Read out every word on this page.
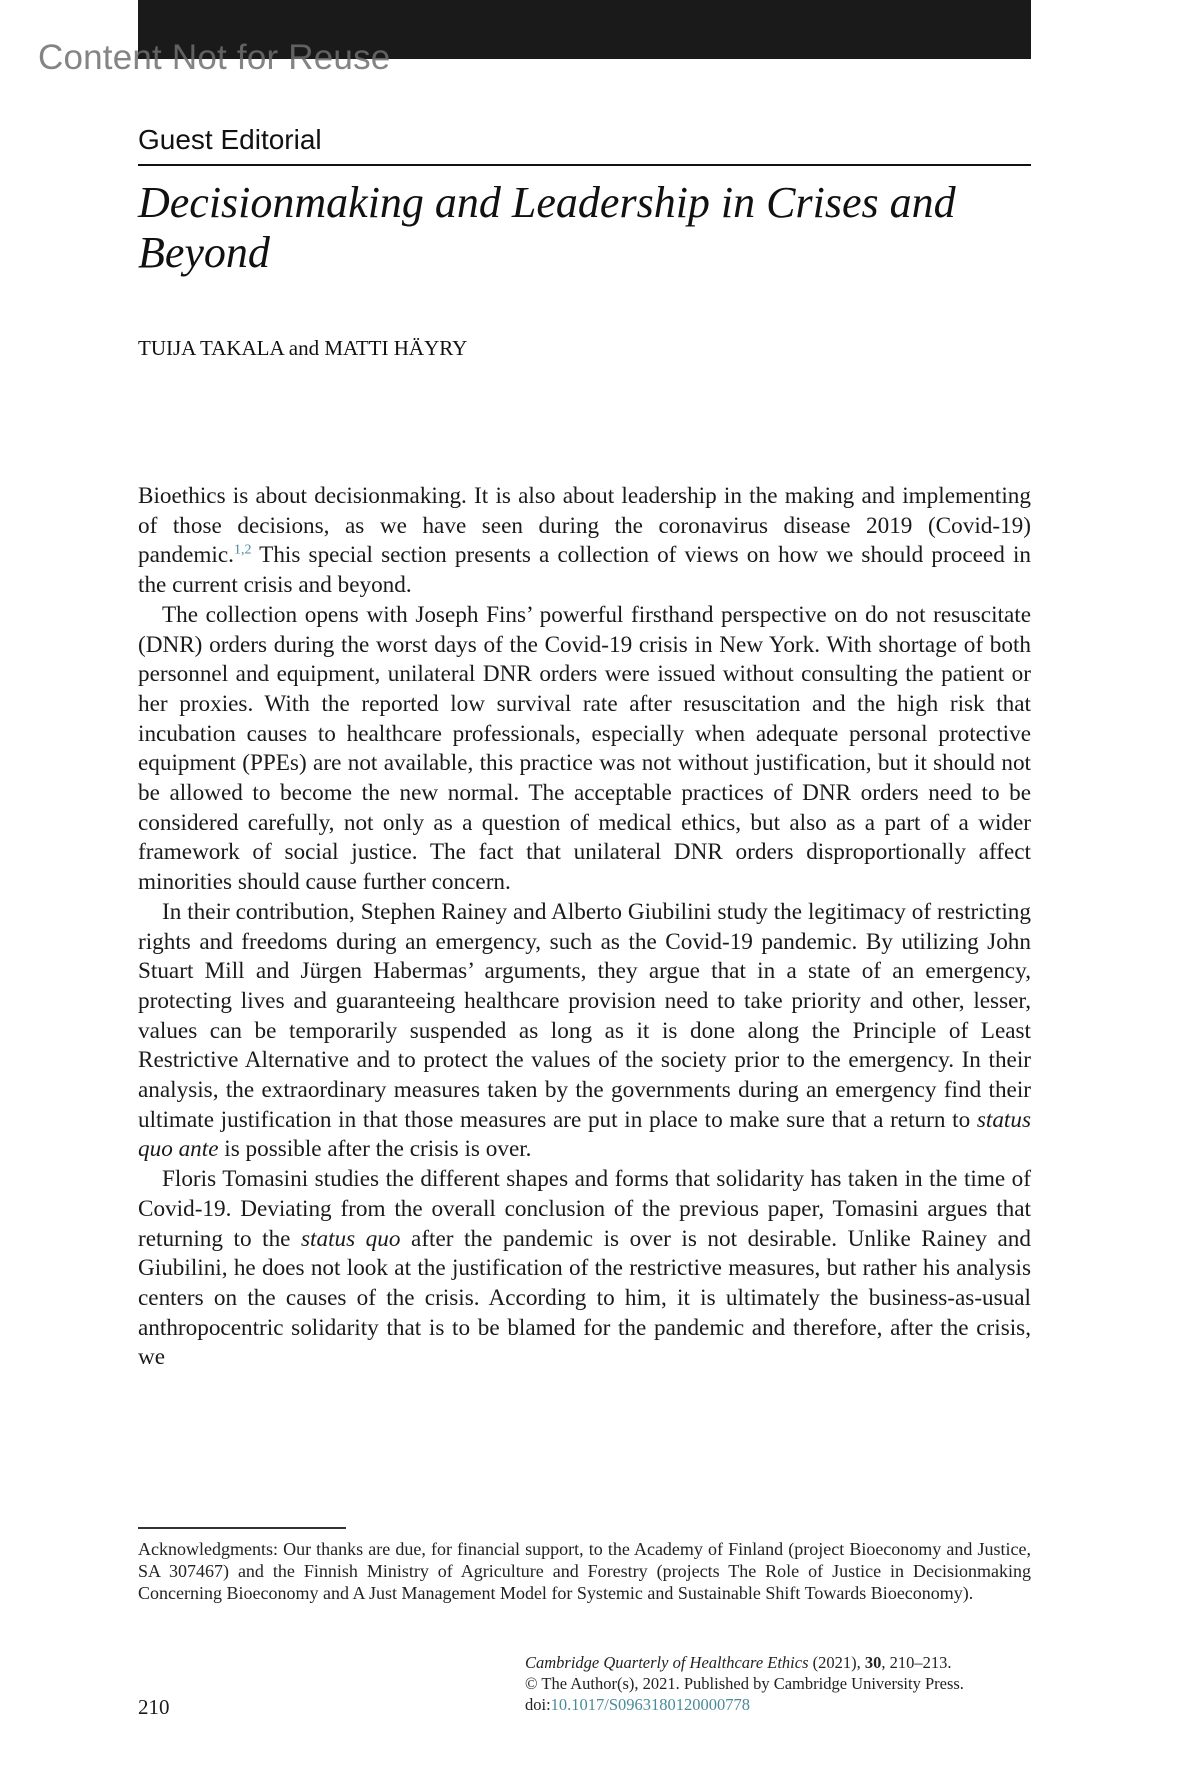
Content Not for Reuse
Guest Editorial
Decisionmaking and Leadership in Crises and Beyond
TUIJA TAKALA and MATTI HÄYRY

Bioethics is about decisionmaking. It is also about leadership in the making and implementing of those decisions, as we have seen during the coronavirus disease 2019 (Covid-19) pandemic.$^{1,2}$ This special section presents a collection of views on how we should proceed in the current crisis and beyond.

The collection opens with Joseph Fins’ powerful firsthand perspective on do not resuscitate (DNR) orders during the worst days of the Covid-19 crisis in New York. With shortage of both personnel and equipment, unilateral DNR orders were issued without consulting the patient or her proxies. With the reported low survival rate after resuscitation and the high risk that incubation causes to healthcare professionals, especially when adequate personal protective equipment (PPEs) are not available, this practice was not without justification, but it should not be allowed to become the new normal. The acceptable practices of DNR orders need to be considered carefully, not only as a question of medical ethics, but also as a part of a wider framework of social justice. The fact that unilateral DNR orders disproportionally affect minorities should cause further concern.

In their contribution, Stephen Rainey and Alberto Giubilini study the legitimacy of restricting rights and freedoms during an emergency, such as the Covid-19 pandemic. By utilizing John Stuart Mill and Jürgen Habermas’ arguments, they argue that in a state of an emergency, protecting lives and guaranteeing healthcare provision need to take priority and other, lesser, values can be temporarily suspended as long as it is done along the Principle of Least Restrictive Alternative and to protect the values of the society prior to the emergency. In their analysis, the extraordinary measures taken by the governments during an emergency find their ultimate justification in that those measures are put in place to make sure that a return to status quo ante is possible after the crisis is over.

Floris Tomasini studies the different shapes and forms that solidarity has taken in the time of Covid-19. Deviating from the overall conclusion of the previous paper, Tomasini argues that returning to the status quo after the pandemic is over is not desirable. Unlike Rainey and Giubilini, he does not look at the justification of the restrictive measures, but rather his analysis centers on the causes of the crisis. According to him, it is ultimately the business-as-usual anthropocentric solidarity that is to be blamed for the pandemic and therefore, after the crisis, we

Acknowledgments: Our thanks are due, for financial support, to the Academy of Finland (project Bioeconomy and Justice, SA 307467) and the Finnish Ministry of Agriculture and Forestry (projects The Role of Justice in Decisionmaking Concerning Bioeconomy and A Just Management Model for Systemic and Sustainable Shift Towards Bioeconomy).
210
Cambridge Quarterly of Healthcare Ethics (2021), 30, 210–213.
© The Author(s), 2021. Published by Cambridge University Press.
doi:10.1017/S0963180120000778
